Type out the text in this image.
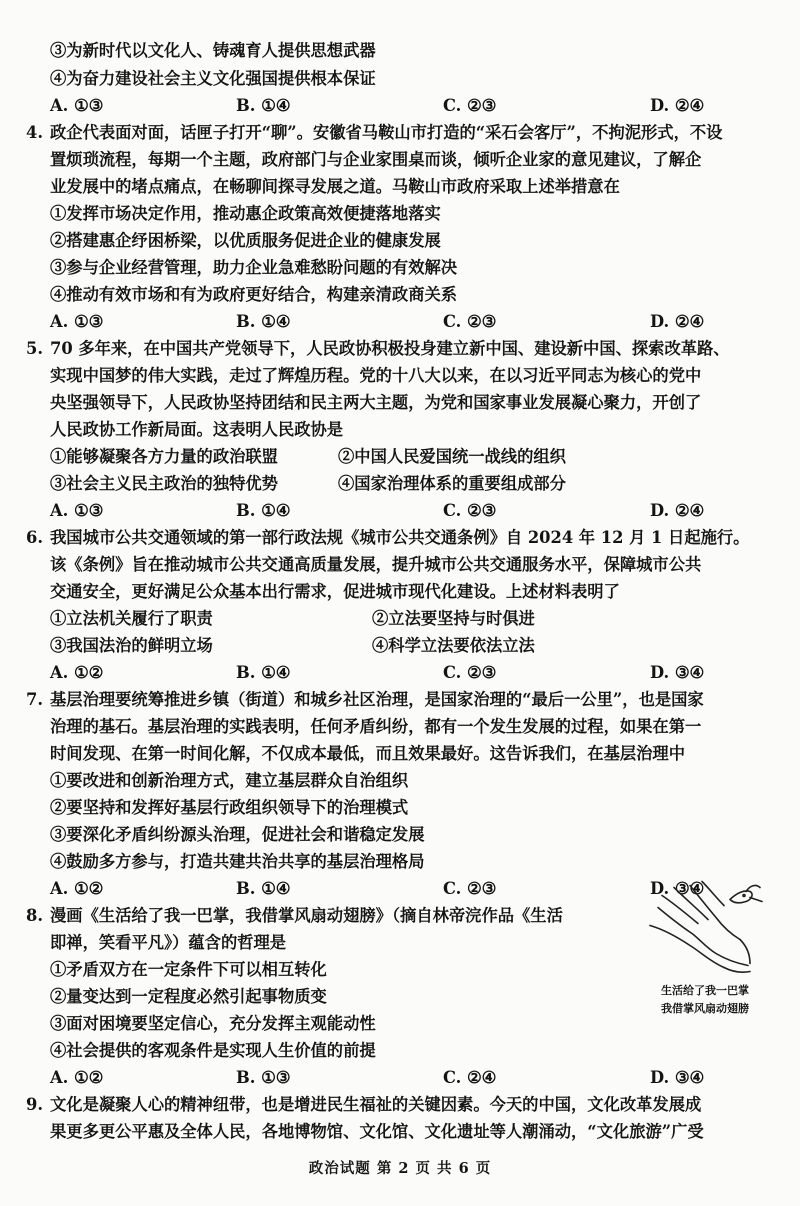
③为新时代以文化人、铸魂育人提供思想武器
④为奋力建设社会主义文化强国提供根本保证
A. ①③	B. ①④	C. ②③	D. ②④
4. 政企代表面对面，话匣子打开“聊”。安徽省马鞍山市打造的“采石会客厅”，不拘泥形式，不设
置烦琐流程，每期一个主题，政府部门与企业家围桌而谈，倾听企业家的意见建议，了解企
业发展中的堵点痛点，在畅聊间探寻发展之道。马鞍山市政府采取上述举措意在
①发挥市场决定作用，推动惠企政策高效便捷落地落实
②搭建惠企纾困桥梁，以优质服务促进企业的健康发展
③参与企业经营管理，助力企业急难愁盼问题的有效解决
④推动有效市场和有为政府更好结合，构建亲清政商关系
A. ①③	B. ①④	C. ②③	D. ②④
5. 70 多年来，在中国共产党领导下，人民政协积极投身建立新中国、建设新中国、探索改革路、
实现中国梦的伟大实践，走过了辉煌历程。党的十八大以来，在以习近平同志为核心的党中
央坚强领导下，人民政协坚持团结和民主两大主题，为党和国家事业发展凝心聚力，开创了
人民政协工作新局面。这表明人民政协是
①能够凝聚各方力量的政治联盟	②中国人民爱国统一战线的组织
③社会主义民主政治的独特优势	④国家治理体系的重要组成部分
A. ①③	B. ①④	C. ②③	D. ②④
6. 我国城市公共交通领域的第一部行政法规《城市公共交通条例》自 2024 年 12 月 1 日起施行。
该《条例》旨在推动城市公共交通高质量发展，提升城市公共交通服务水平，保障城市公共
交通安全，更好满足公众基本出行需求，促进城市现代化建设。上述材料表明了
①立法机关履行了职责	②立法要坚持与时俱进
③我国法治的鲜明立场	④科学立法要依法立法
A. ①②	B. ①④	C. ②③	D. ③④
7. 基层治理要统筹推进乡镇（街道）和城乡社区治理，是国家治理的“最后一公里”，也是国家
治理的基石。基层治理的实践表明，任何矛盾纠纷，都有一个发生发展的过程，如果在第一
时间发现、在第一时间化解，不仅成本最低，而且效果最好。这告诉我们，在基层治理中
①要改进和创新治理方式，建立基层群众自治组织
②要坚持和发挥好基层行政组织领导下的治理模式
③要深化矛盾纠纷源头治理，促进社会和谐稳定发展
④鼓励多方参与，打造共建共治共享的基层治理格局
A. ①②	B. ①④	C. ②③	D. ③④
8. 漫画《生活给了我一巴掌，我借掌风扇动翅膀》（摘自林帝浣作品《生活
即禅，笑看平凡》）蕴含的哲理是
①矛盾双方在一定条件下可以相互转化
②量变达到一定程度必然引起事物质变
③面对困境要坚定信心，充分发挥主观能动性
④社会提供的客观条件是实现人生价值的前提
A. ①②	B. ①③	C. ②④	D. ③④
生活给了我一巴掌
我借掌风扇动翅膀
9. 文化是凝聚人心的精神纽带，也是增进民生福祉的关键因素。今天的中国，文化改革发展成
果更多更公平惠及全体人民，各地博物馆、文化馆、文化遗址等人潮涌动，“文化旅游”广受
政治试题 第 2 页 共 6 页
